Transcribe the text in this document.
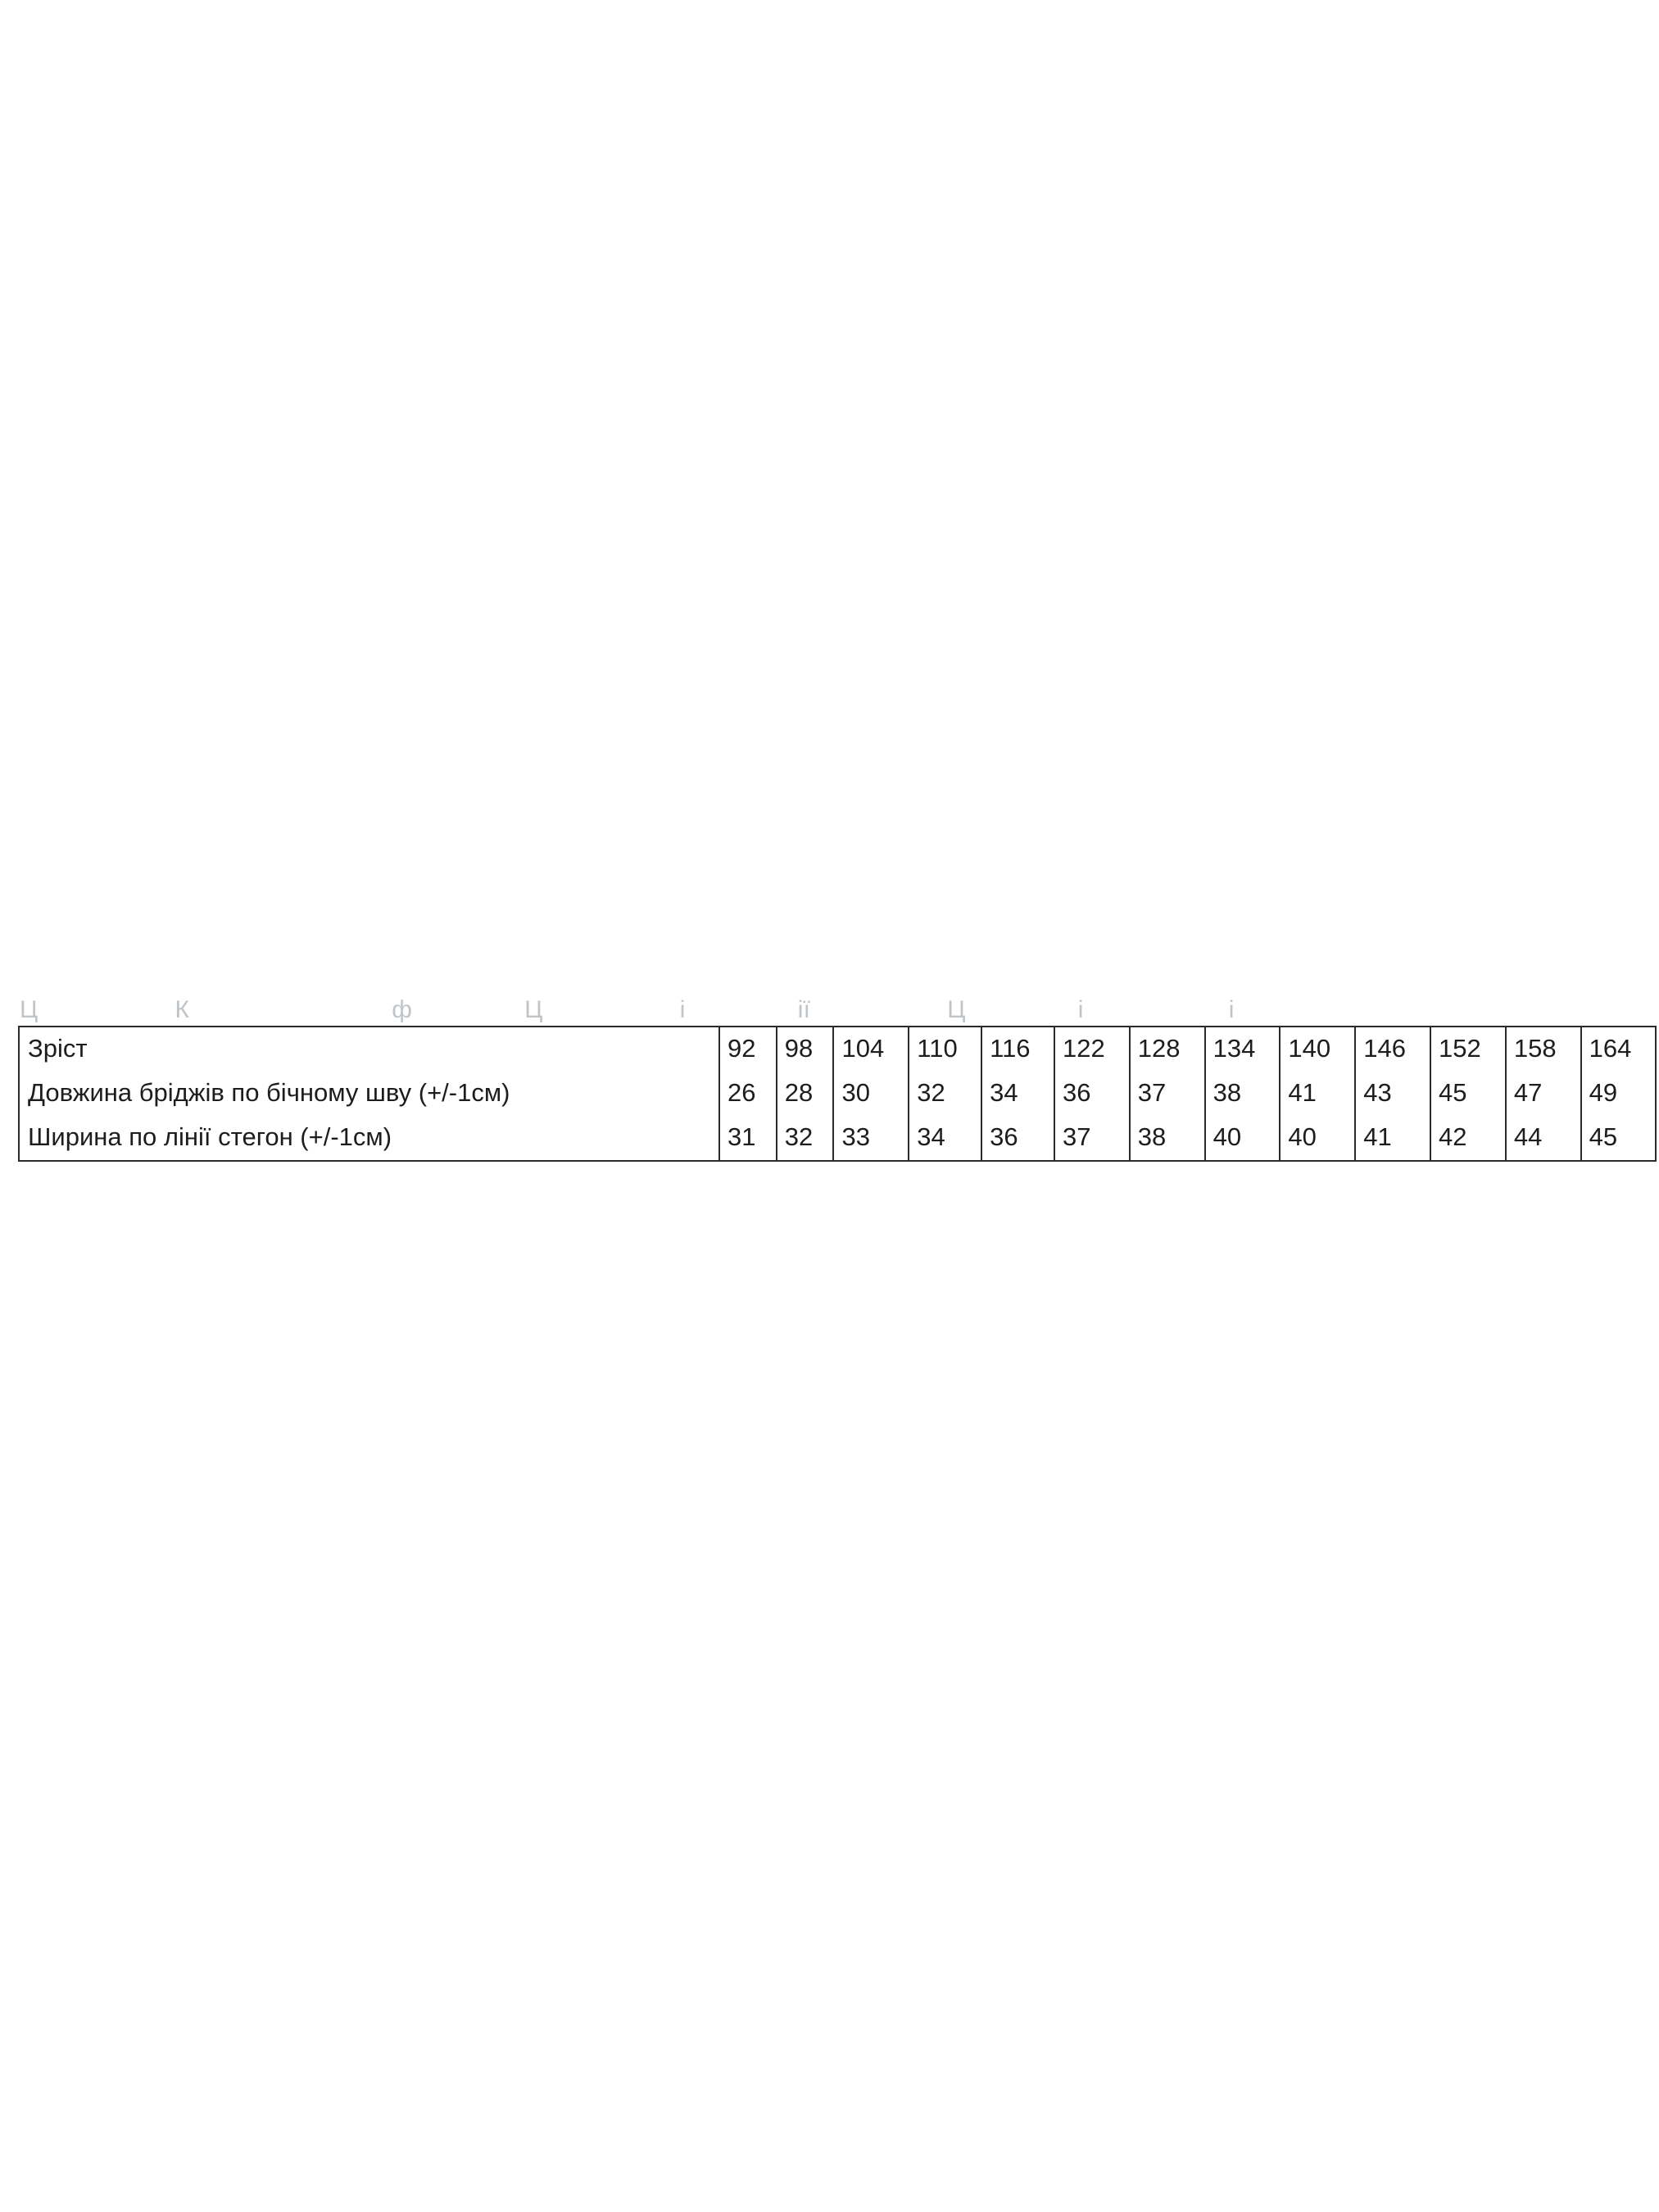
Ц	К	ф	Ц	і	ії	Ц	і	і
Зріст	92	98	104	110	116	122	128	134	140	146	152	158	164
Довжина бріджів по бічному шву (+/-1см)	26	28	30	32	34	36	37	38	41	43	45	47	49
Ширина по лінії стегон (+/-1см)	31	32	33	34	36	37	38	40	40	41	42	44	45
